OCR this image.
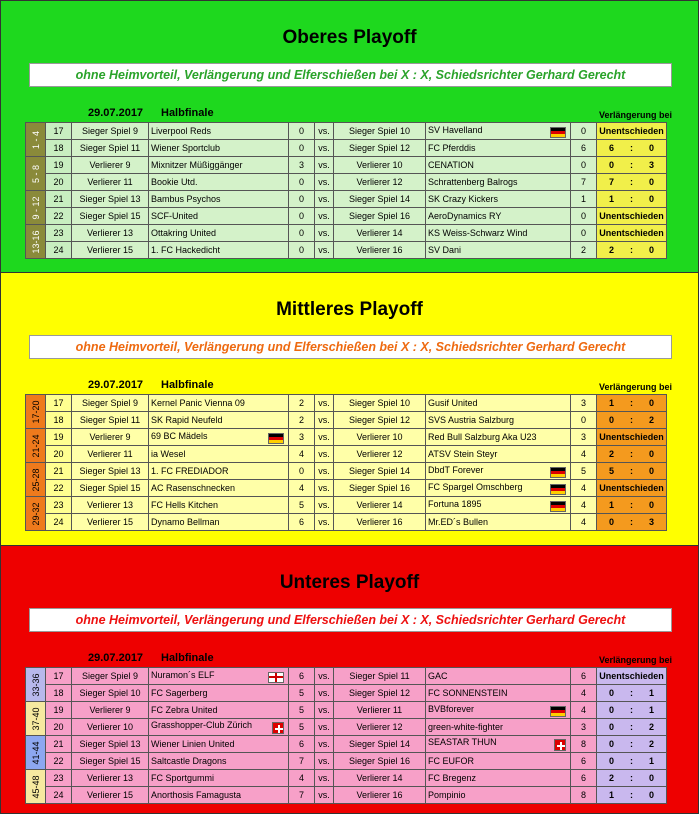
Oberes Playoff
ohne Heimvorteil, Verlängerung und Elferschießen bei X : X, Schiedsrichter Gerhard Gerecht
29.07.2017 Halbfinale	Verlängerung bei
1 - 4	17	Sieger Spiel 9	Liverpool Reds	0	vs.	Sieger Spiel 10	SV Havelland	0	Unentschieden

	18	Sieger Spiel 11	Wiener Sportclub	0	vs.	Sieger Spiel 12	FC Pferddis	6	6 : 0

5 - 8	19	Verlierer 9	Mixnitzer Müßiggänger	3	vs.	Verlierer 10	CENATION	0	0 : 3

	20	Verlierer 11	Bookie Utd.	0	vs.	Verlierer 12	Schrattenberg Balrogs	7	7 : 0

9 - 12	21	Sieger Spiel 13	Bambus Psychos	0	vs.	Sieger Spiel 14	SK Crazy Kickers	1	1 : 0

	22	Sieger Spiel 15	SCF-United	0	vs.	Sieger Spiel 16	AeroDynamics RY	0	Unentschieden

13-16	23	Verlierer 13	Ottakring United	0	vs.	Verlierer 14	KS Weiss-Schwarz Wind	0	Unentschieden

	24	Verlierer 15	1. FC Hackedicht	0	vs.	Verlierer 16	SV Dani	2	2 : 0
Mittleres Playoff
ohne Heimvorteil, Verlängerung und Elferschießen bei X : X, Schiedsrichter Gerhard Gerecht
29.07.2017 Halbfinale	Verlängerung bei
17-20	17	Sieger Spiel 9	Kernel Panic Vienna 09	2	vs.	Sieger Spiel 10	Gusif United	3	1 : 0

	18	Sieger Spiel 11	SK Rapid Neufeld	2	vs.	Sieger Spiel 12	SVS Austria Salzburg	0	0 : 2

21-24	19	Verlierer 9	69 BC Mädels	3	vs.	Verlierer 10	Red Bull Salzburg Aka U23	3	Unentschieden

	20	Verlierer 11	ia Wesel	4	vs.	Verlierer 12	ATSV Stein Steyr	4	2 : 0

25-28	21	Sieger Spiel 13	1. FC FREDIADOR	0	vs.	Sieger Spiel 14	DbdT Forever	5	5 : 0

	22	Sieger Spiel 15	AC Rasenschnecken	4	vs.	Sieger Spiel 16	FC Spargel Omschberg	4	Unentschieden

29-32	23	Verlierer 13	FC Hells Kitchen	5	vs.	Verlierer 14	Fortuna 1895	4	1 : 0

	24	Verlierer 15	Dynamo Bellman	6	vs.	Verlierer 16	Mr.ED´s Bullen	4	0 : 3
Unteres Playoff
ohne Heimvorteil, Verlängerung und Elferschießen bei X : X, Schiedsrichter Gerhard Gerecht
29.07.2017 Halbfinale	Verlängerung bei
33-36	17	Sieger Spiel 9	Nuramon´s ELF	6	vs.	Sieger Spiel 11	GAC	6	Unentschieden

	18	Sieger Spiel 10	FC Sagerberg	5	vs.	Sieger Spiel 12	FC SONNENSTEIN	4	0 : 1

37-40	19	Verlierer 9	FC Zebra United	5	vs.	Verlierer 11	BVBforever	4	0 : 1

	20	Verlierer 10	Grasshopper-Club Zürich	5	vs.	Verlierer 12	green-white-fighter	3	0 : 2

41-44	21	Sieger Spiel 13	Wiener Linien United	6	vs.	Sieger Spiel 14	SEASTAR THUN	8	0 : 2

	22	Sieger Spiel 15	Saltcastle Dragons	7	vs.	Sieger Spiel 16	FC EUFOR	6	0 : 1

45-48	23	Verlierer 13	FC Sportgummi	4	vs.	Verlierer 14	FC Bregenz	6	2 : 0

	24	Verlierer 15	Anorthosis Famagusta	7	vs.	Verlierer 16	Pompinio	8	1 : 0
